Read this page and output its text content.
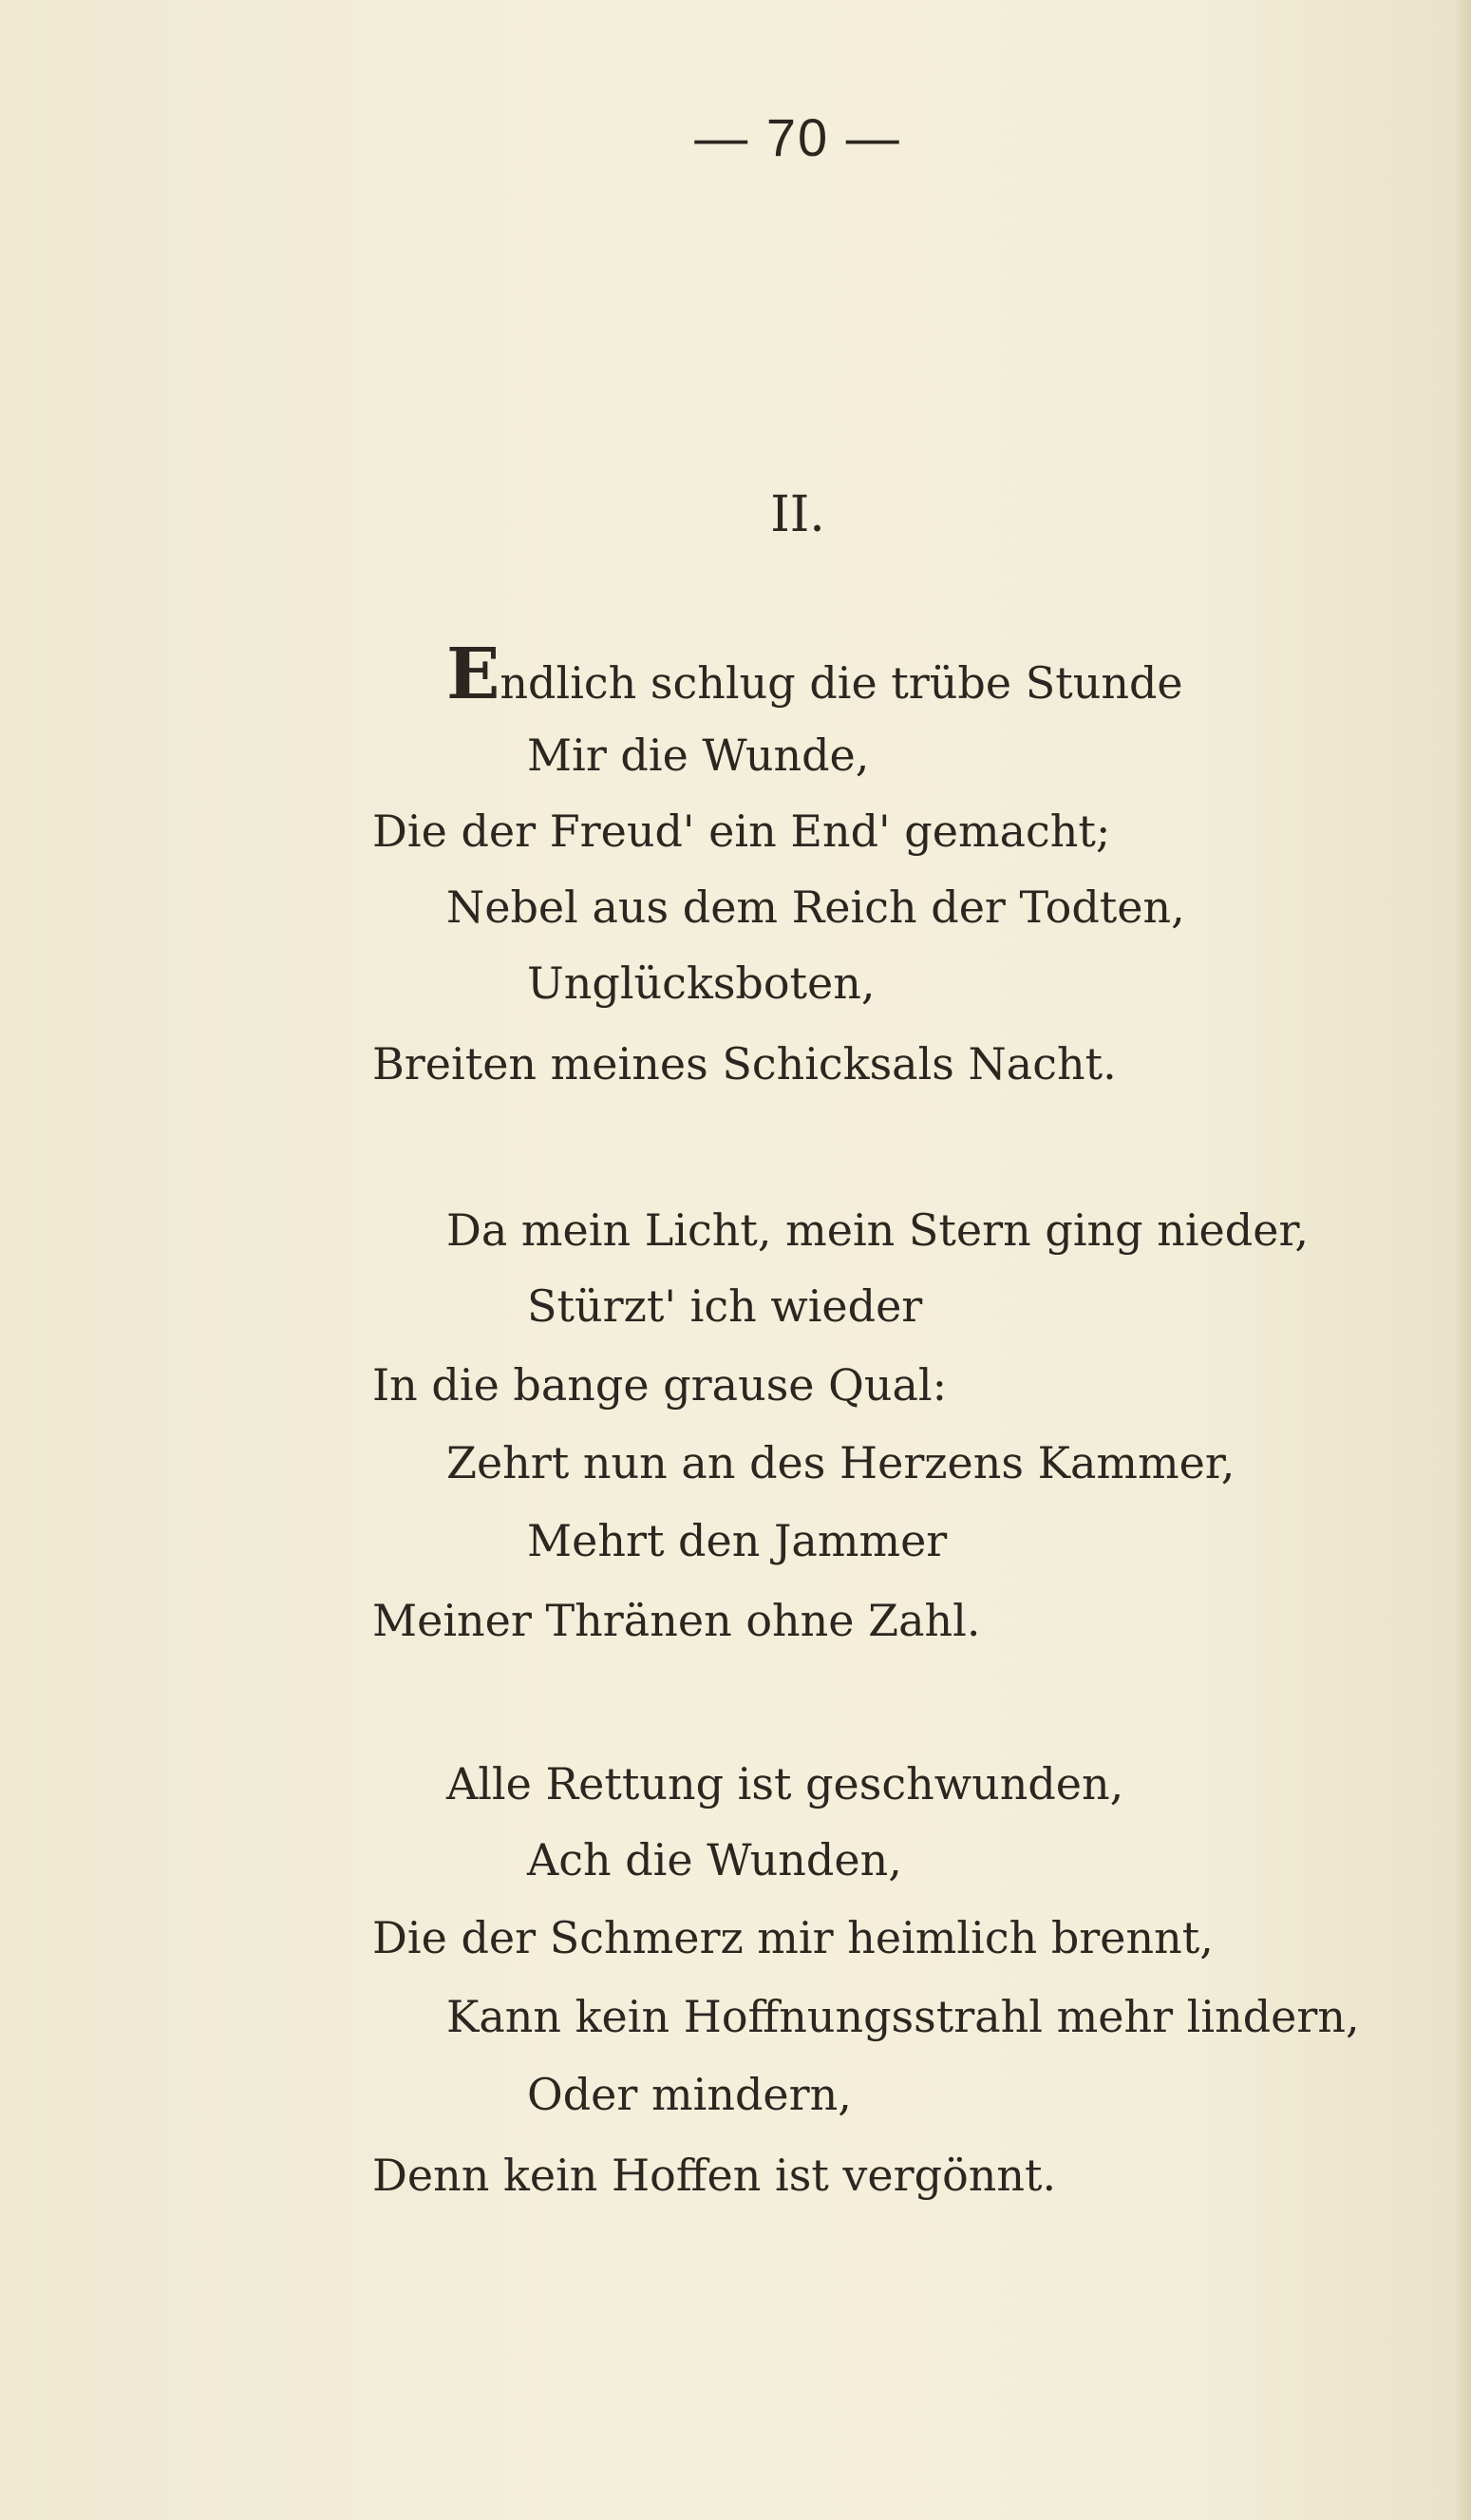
— 70 —
II.
Endlich schlug die trübe Stunde
Mir die Wunde,
Die der Freud' ein End' gemacht;
Nebel aus dem Reich der Todten,
Unglücksboten,
Breiten meines Schicksals Nacht.
Da mein Licht, mein Stern ging nieder,
Stürzt' ich wieder
In die bange grause Qual:
Zehrt nun an des Herzens Kammer,
Mehrt den Jammer
Meiner Thränen ohne Zahl.
Alle Rettung ist geschwunden,
Ach die Wunden,
Die der Schmerz mir heimlich brennt,
Kann kein Hoffnungsstrahl mehr lindern,
Oder mindern,
Denn kein Hoffen ist vergönnt.
